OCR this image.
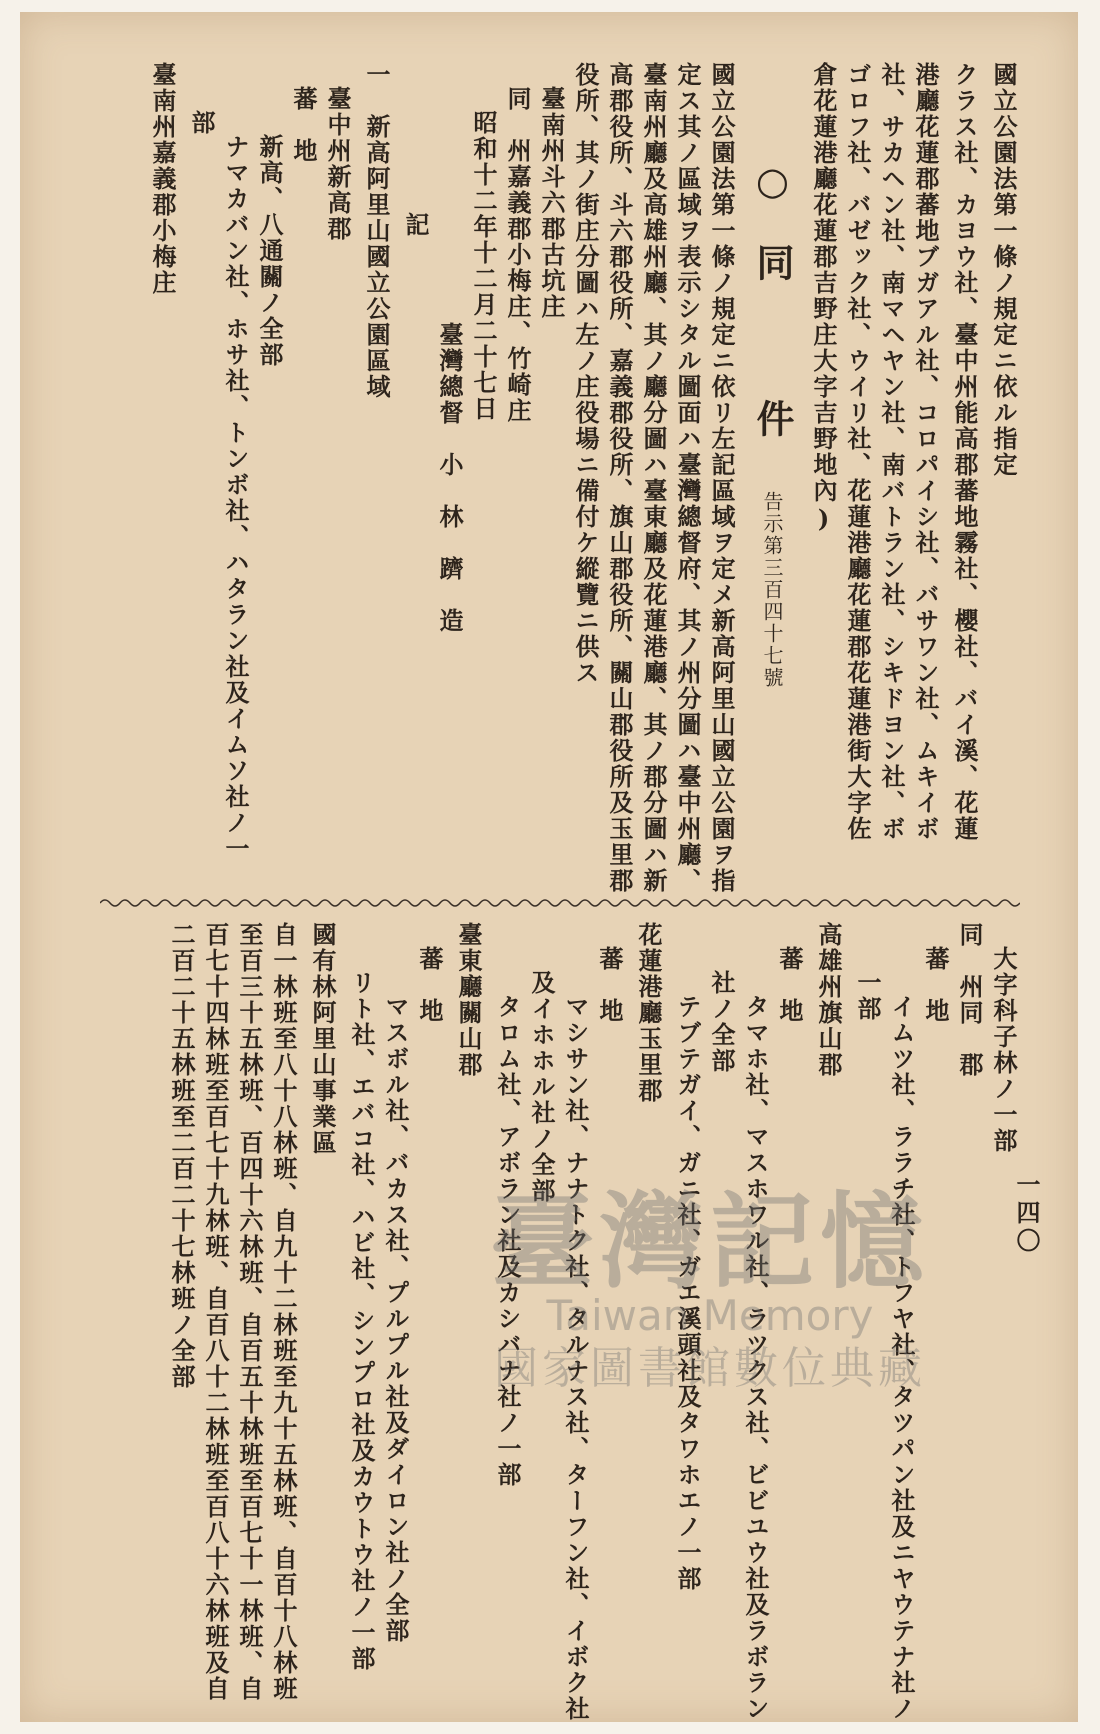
國立公園法第一條ノ規定ニ依ル指定
クラス社、カヨウ社、臺中州能高郡蕃地霧社、櫻社、バイ溪、花蓮
港廳花蓮郡蕃地ブガアル社、コロパイシ社、バサワン社、ムキイボ
社、サカヘン社、南マヘヤン社、南バトラン社、シキドヨン社、ボ
ゴロフ社、バゼック社、ウイリ社、花蓮港廳花蓮郡花蓮港街大字佐
倉花蓮港廳花蓮郡吉野庄大字吉野地內)
○同　件
告示第三百四十七號
國立公園法第一條ノ規定ニ依リ左記區域ヲ定メ新高阿里山國立公園ヲ指
定ス其ノ區域ヲ表示シタル圖面ハ臺灣總督府、其ノ州分圖ハ臺中州廳、
臺南州廳及高雄州廳、其ノ廳分圖ハ臺東廳及花蓮港廳、其ノ郡分圖ハ新
高郡役所、斗六郡役所、嘉義郡役所、旗山郡役所、關山郡役所及玉里郡
役所、其ノ街庄分圖ハ左ノ庄役場ニ備付ケ縱覽ニ供ス
臺南州斗六郡古坑庄
同　州嘉義郡小梅庄、竹崎庄
昭和十二年十二月二十七日
臺灣總督　小　林　躋　造
記
一　新高阿里山國立公園區域
臺中州新高郡
蕃　地
新高、八通關ノ全部
ナマカバン社、ホサ社、トンボ社、ハタラン社及イムソ社ノ一
部
臺南州嘉義郡小梅庄
大字科子林ノ一部
同　州同　郡
蕃　地
イムツ社、ララチ社、トフヤ社、タツパン社及ニヤウテナ社ノ
一部
高雄州旗山郡
蕃　地
タマホ社、マスホワル社、ラツクス社、ビビユウ社及ラボラン
社ノ全部
テブテガイ、ガニ社、ガエ溪頭社及タワホエノ一部
花蓮港廳玉里郡
蕃　地
マシサン社、ナナトク社、タルナス社、ターフン社、イボク社
及イホホル社ノ全部
タロム社、アボラン社及カシバナ社ノ一部
臺東廳關山郡
蕃　地
マスボル社、バカス社、プルプル社及ダイロン社ノ全部
リト社、エバコ社、ハビ社、シンプロ社及カウトウ社ノ一部
國有林阿里山事業區
自一林班至八十八林班、自九十二林班至九十五林班、自百十八林班
至百三十五林班、百四十六林班、自百五十林班至百七十一林班、自
百七十四林班至百七十九林班、自百八十二林班至百八十六林班及自
二百二十五林班至二百二十七林班ノ全部	一四〇
臺灣記憶
Taiwan Memory
國家圖書館數位典藏
